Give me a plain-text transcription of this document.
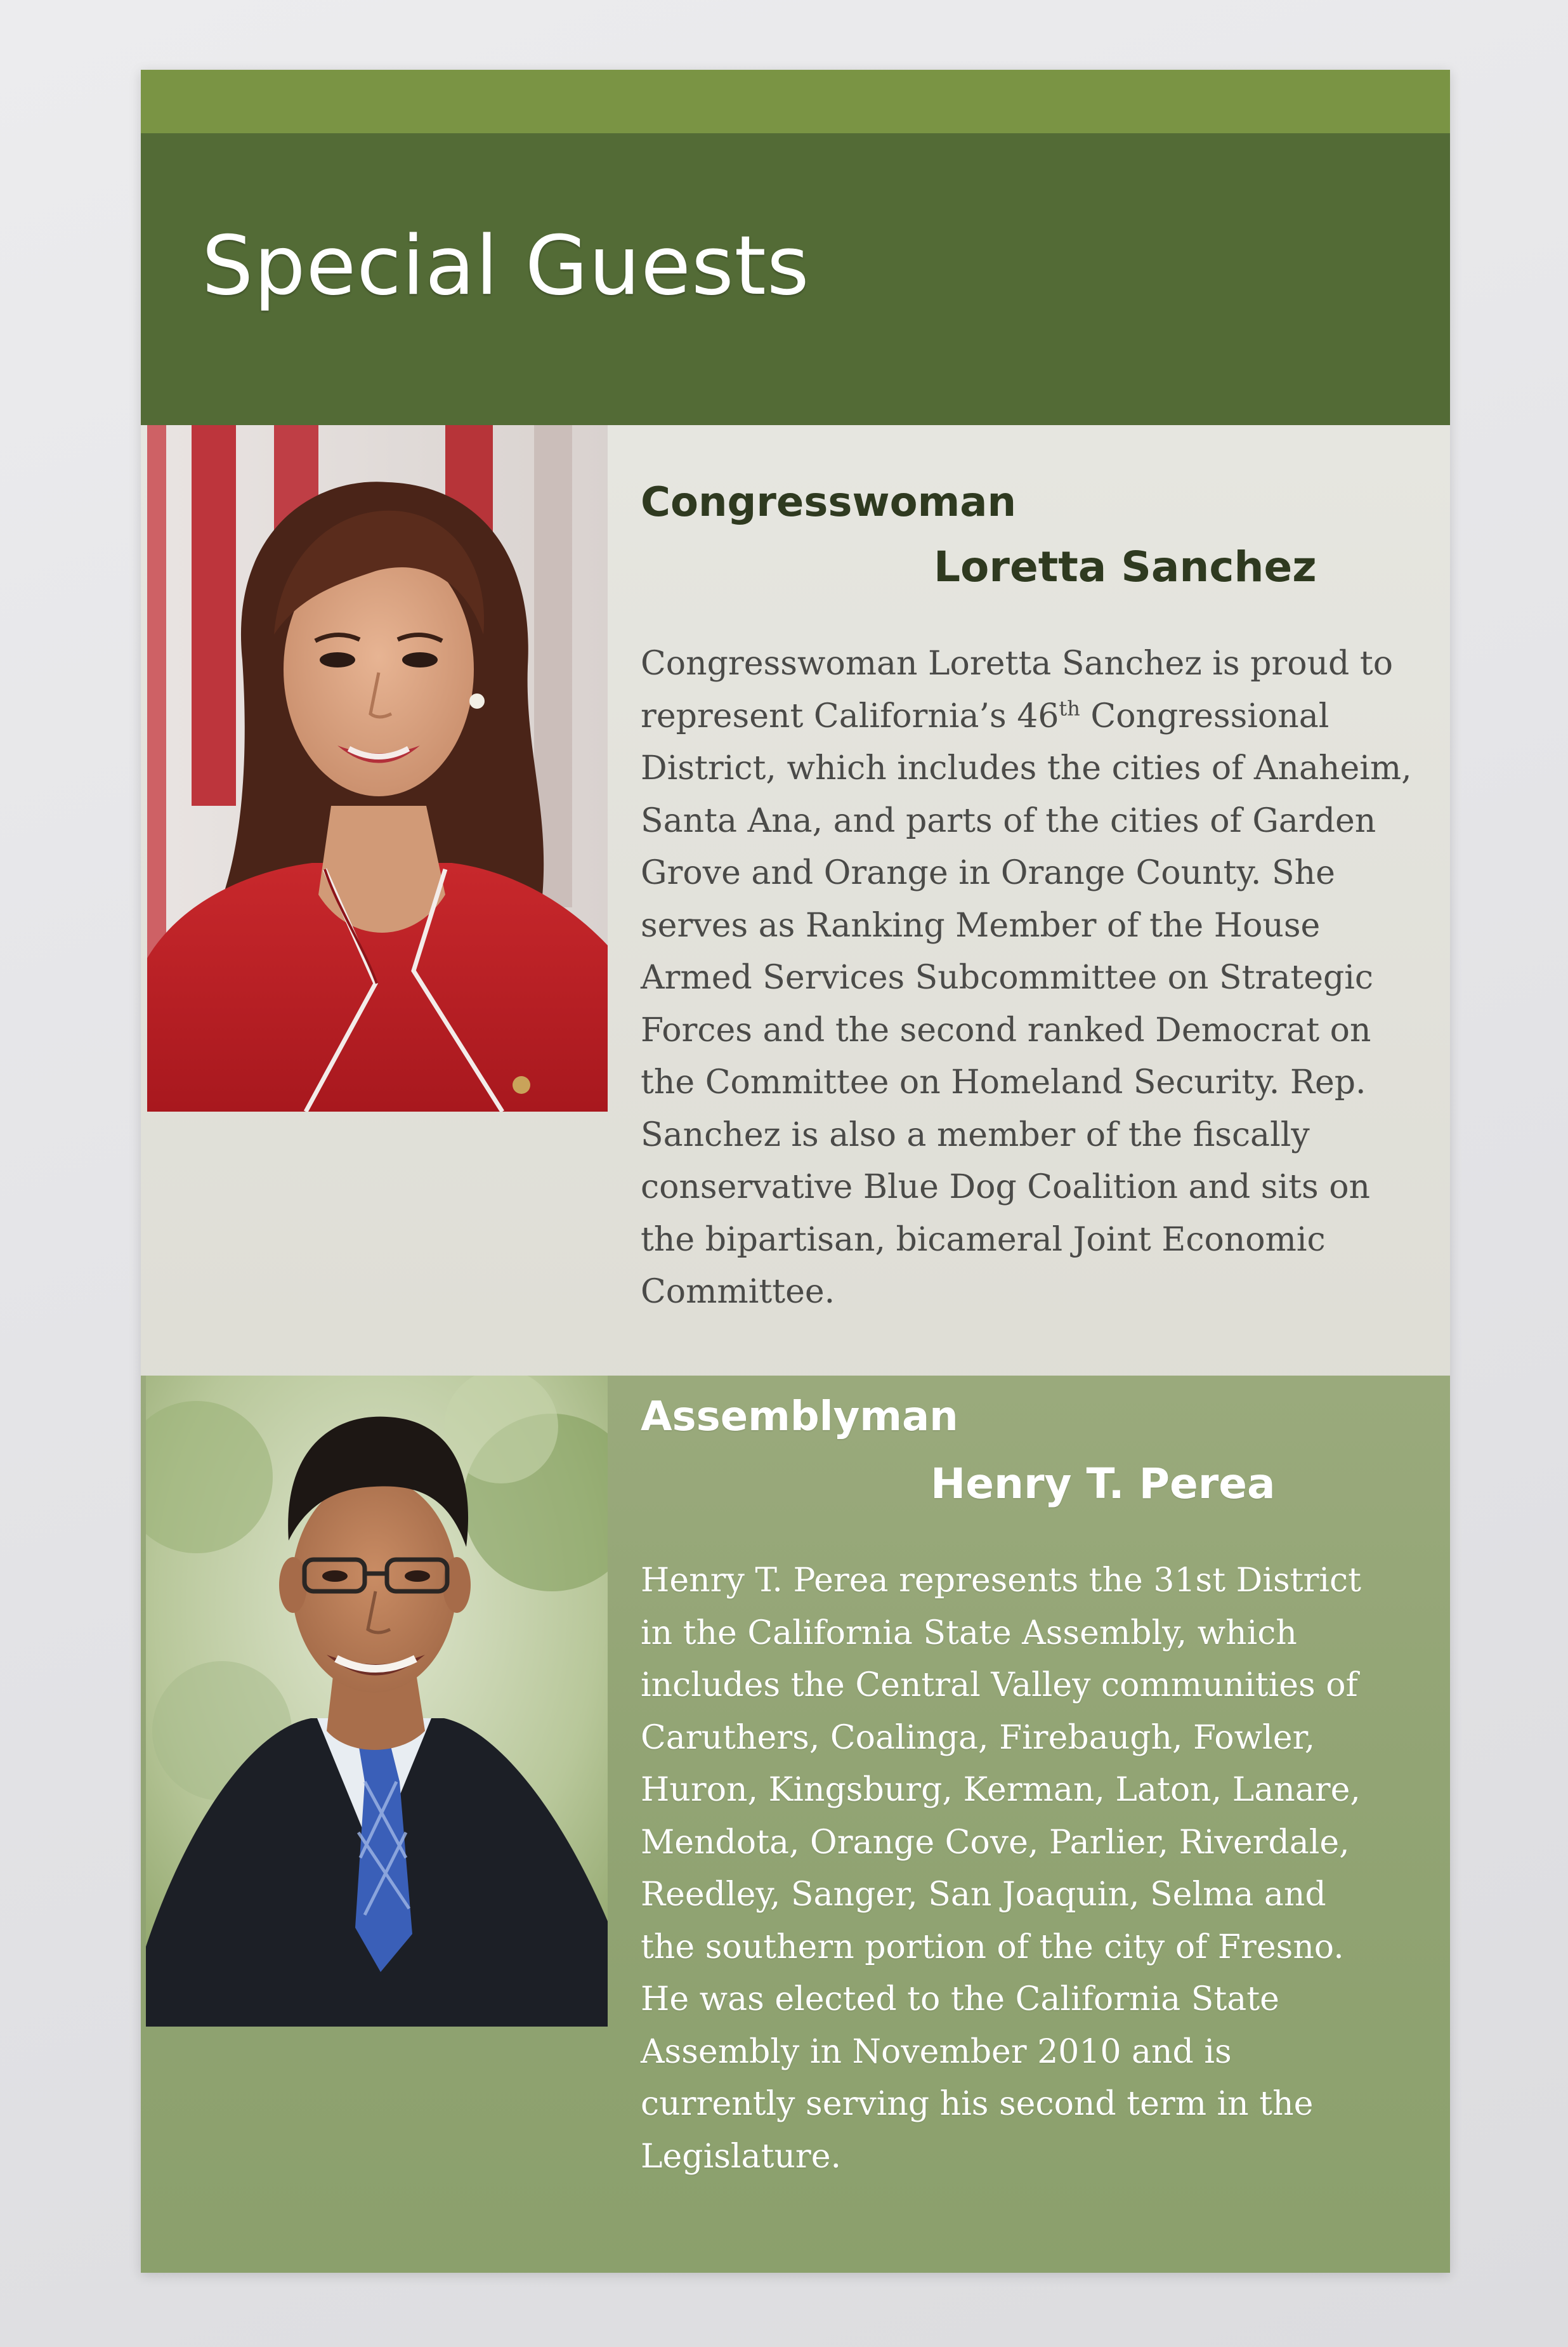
Special Guests
Congresswoman
Loretta Sanchez
Congresswoman Loretta Sanchez is proud to
represent California’s 46th Congressional
District, which includes the cities of Anaheim,
Santa Ana, and parts of the cities of Garden
Grove and Orange in Orange County. She
serves as Ranking Member of the House
Armed Services Subcommittee on Strategic
Forces and the second ranked Democrat on
the Committee on Homeland Security. Rep.
Sanchez is also a member of the fiscally
conservative Blue Dog Coalition and sits on
the bipartisan, bicameral Joint Economic
Committee.
Assemblyman
Henry T. Perea
Henry T. Perea represents the 31st District
in the California State Assembly, which
includes the Central Valley communities of
Caruthers, Coalinga, Firebaugh, Fowler,
Huron, Kingsburg, Kerman, Laton, Lanare,
Mendota, Orange Cove, Parlier, Riverdale,
Reedley, Sanger, San Joaquin, Selma and
the southern portion of the city of Fresno.
He was elected to the California State
Assembly in November 2010 and is
currently serving his second term in the
Legislature.
